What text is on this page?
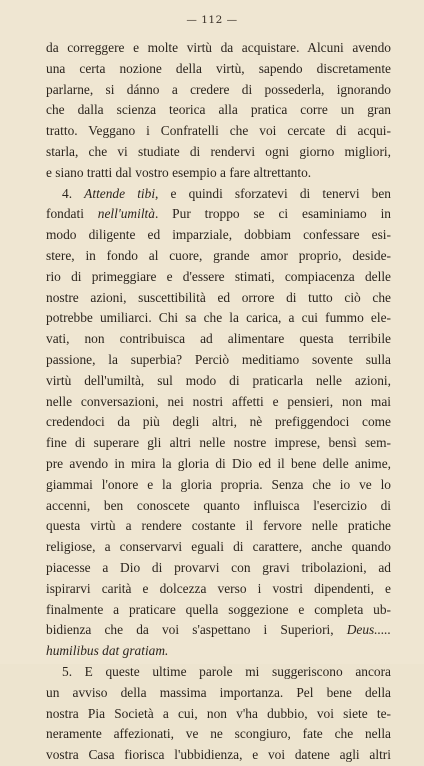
— 112 —
da correggere e molte virtù da acquistare. Alcuni avendo
una certa nozione della virtù, sapendo discretamente
parlarne, si dánno a credere di possederla, ignorando
che dalla scienza teorica alla pratica corre un gran
tratto. Veggano i Confratelli che voi cercate di acqui-
starla, che vi studiate di rendervi ogni giorno migliori,
e siano tratti dal vostro esempio a fare altrettanto.
4. Attende tibi, e quindi sforzatevi di tenervi ben
fondati nell'umiltà. Pur troppo se ci esaminiamo in
modo diligente ed imparziale, dobbiam confessare esi-
stere, in fondo al cuore, grande amor proprio, deside-
rio di primeggiare e d'essere stimati, compiacenza delle
nostre azioni, suscettibilità ed orrore di tutto ciò che
potrebbe umiliarci. Chi sa che la carica, a cui fummo ele-
vati, non contribuisca ad alimentare questa terribile
passione, la superbia? Perciò meditiamo sovente sulla
virtù dell'umiltà, sul modo di praticarla nelle azioni,
nelle conversazioni, nei nostri affetti e pensieri, non mai
credendoci da più degli altri, nè prefiggendoci come
fine di superare gli altri nelle nostre imprese, bensì sem-
pre avendo in mira la gloria di Dio ed il bene delle anime,
giammai l'onore e la gloria propria. Senza che io ve lo
accenni, ben conoscete quanto influisca l'esercizio di
questa virtù a rendere costante il fervore nelle pratiche
religiose, a conservarvi eguali di carattere, anche quando
piacesse a Dio di provarvi con gravi tribolazioni, ad
ispirarvi carità e dolcezza verso i vostri dipendenti, e
finalmente a praticare quella soggezione e completa ub-
bidienza che da voi s'aspettano i Superiori, Deus.....
humilibus dat gratiam.
5. E queste ultime parole mi suggeriscono ancora
un avviso della massima importanza. Pel bene della
nostra Pia Società a cui, non v'ha dubbio, voi siete te-
neramente affezionati, ve ne scongiuro, fate che nella
vostra Casa fiorisca l'ubbidienza, e voi datene agli altri
